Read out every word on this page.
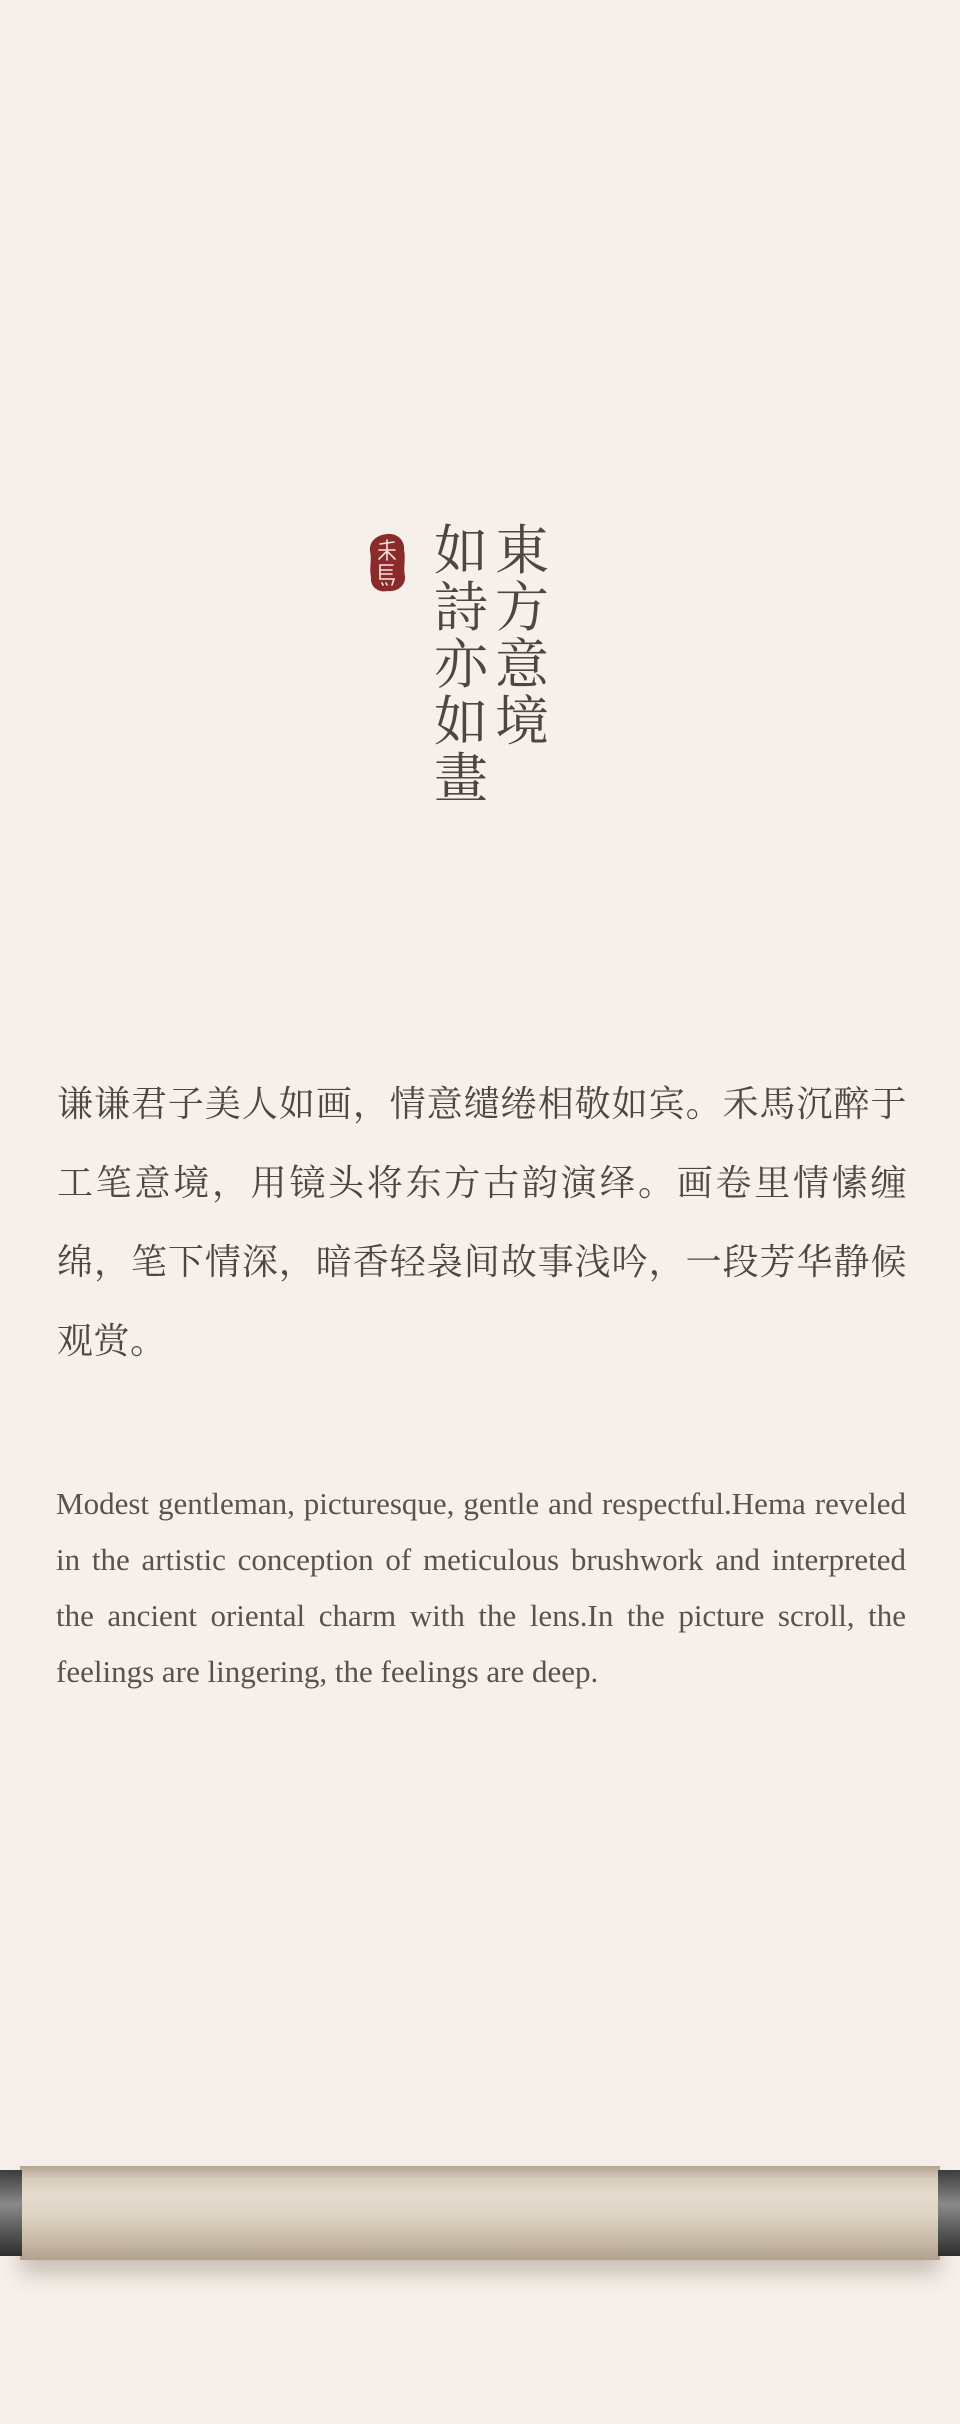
東
方
意
境
如
詩
亦
如
畫

谦谦君子美人如画，情意缱绻相敬如宾。禾馬沉醉于工笔意境，用镜头将东方古韵演绎。画卷里情愫缠绵，笔下情深，暗香轻袅间故事浅吟，一段芳华静候观赏。

Modest gentleman, picturesque, gentle and respectful.Hema reveled in the artistic conception of meticulous brushwork and interpreted the ancient oriental charm with the lens.In the picture scroll, the feelings are lingering, the feelings are deep.
